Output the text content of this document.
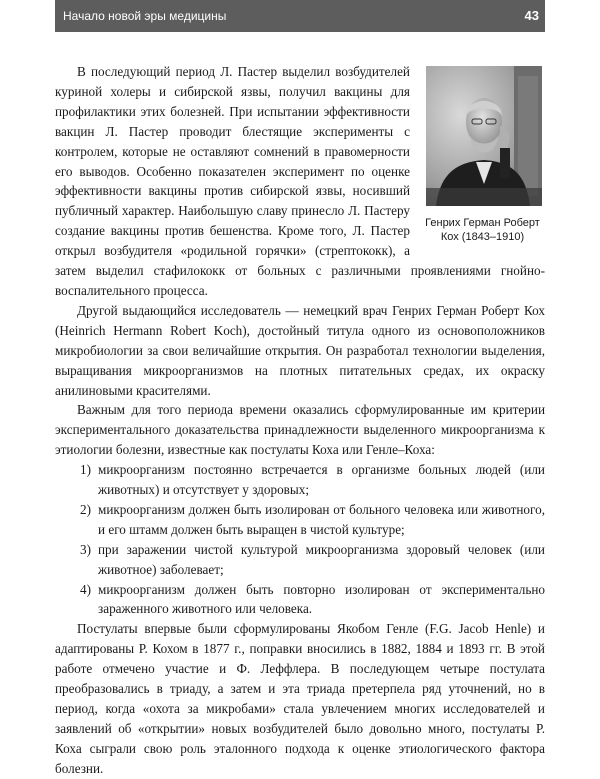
Начало новой эры медицины	43
Генрих Герман Роберт
Кох (1843–1910)

В последующий период Л. Пастер выделил возбудителей куриной холеры и сибирской язвы, получил вакцины для профилактики этих болезней. При испытании эффективности вакцин Л. Пастер проводит блестящие эксперименты с контролем, которые не оставляют сомнений в правомерности его выводов. Особенно показателен эксперимент по оценке эффективности вакцины против сибирской язвы, носивший публичный характер. Наибольшую славу принесло Л. Пастеру создание вакцины против бешенства. Кроме того, Л. Пастер открыл возбудителя «родильной горячки» (стрептококк), а затем выделил стафилококк от больных с различными проявлениями гнойно-воспалительного процесса.

Другой выдающийся исследователь — немецкий врач Генрих Герман Роберт Кох (Heinrich Hermann Robert Koch), достойный титула одного из основоположников микробиологии за свои величайшие открытия. Он разработал технологии выделения, выращивания микроорганизмов на плотных питательных средах, их окраску анилиновыми красителями.

Важным для того периода времени оказались сформулированные им критерии экспериментального доказательства принадлежности выделенного микроорганизма к этиологии болезни, известные как постулаты Коха или Генле–Коха:

1) микроорганизм постоянно встречается в организме больных людей (или животных) и отсутствует у здоровых;
2) микроорганизм должен быть изолирован от больного человека или животного, и его штамм должен быть выращен в чистой культуре;
3) при заражении чистой культурой микроорганизма здоровый человек (или животное) заболевает;
4) микроорганизм должен быть повторно изолирован от экспериментально зараженного животного или человека.

Постулаты впервые были сформулированы Якобом Генле (F.G. Jacob Henle) и адаптированы Р. Кохом в 1877 г., поправки вносились в 1882, 1884 и 1893 гг. В этой работе отмечено участие и Ф. Леффлера. В последующем четыре постулата преобразовались в триаду, а затем и эта триада претерпела ряд уточнений, но в период, когда «охота за микробами» стала увлечением многих исследователей и заявлений об «открытии» новых возбудителей было довольно много, постулаты Р. Коха сыграли свою роль эталонного подхода к оценке этиологического фактора болезни.
